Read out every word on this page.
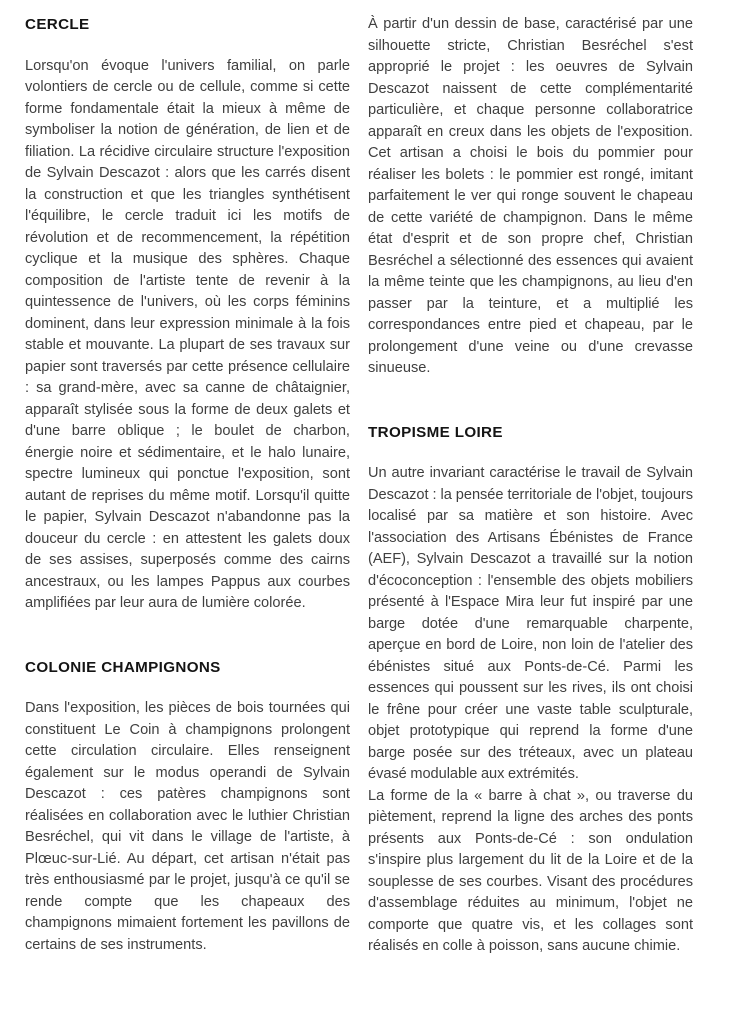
CERCLE

Lorsqu'on évoque l'univers familial, on parle volontiers de cercle ou de cellule, comme si cette forme fondamentale était la mieux à même de symboliser la notion de génération, de lien et de filiation. La récidive circulaire structure l'exposition de Sylvain Descazot : alors que les carrés disent la construction et que les triangles synthétisent l'équilibre, le cercle traduit ici les motifs de révolution et de recommencement, la répétition cyclique et la musique des sphères. Chaque composition de l'artiste tente de revenir à la quintessence de l'univers, où les corps féminins dominent, dans leur expression minimale à la fois stable et mouvante. La plupart de ses travaux sur papier sont traversés par cette présence cellulaire : sa grand-mère, avec sa canne de châtaignier, apparaît stylisée sous la forme de deux galets et d'une barre oblique ; le boulet de charbon, énergie noire et sédimentaire, et le halo lunaire, spectre lumineux qui ponctue l'exposition, sont autant de reprises du même motif. Lorsqu'il quitte le papier, Sylvain Descazot n'abandonne pas la douceur du cercle : en attestent les galets doux de ses assises, superposés comme des cairns ancestraux, ou les lampes Pappus aux courbes amplifiées par leur aura de lumière colorée.

COLONIE CHAMPIGNONS

Dans l'exposition, les pièces de bois tournées qui constituent Le Coin à champignons prolongent cette circulation circulaire. Elles renseignent également sur le modus operandi de Sylvain Descazot : ces patères champignons sont réalisées en collaboration avec le luthier Christian Besréchel, qui vit dans le village de l'artiste, à Plœuc-sur-Lié. Au départ, cet artisan n'était pas très enthousiasmé par le projet, jusqu'à ce qu'il se rende compte que les chapeaux des champignons mimaient fortement les pavillons de certains de ses instruments.

À partir d'un dessin de base, caractérisé par une silhouette stricte, Christian Besréchel s'est approprié le projet : les oeuvres de Sylvain Descazot naissent de cette complémentarité particulière, et chaque personne collaboratrice apparaît en creux dans les objets de l'exposition. Cet artisan a choisi le bois du pommier pour réaliser les bolets : le pommier est rongé, imitant parfaitement le ver qui ronge souvent le chapeau de cette variété de champignon. Dans le même état d'esprit et de son propre chef, Christian Besréchel a sélectionné des essences qui avaient la même teinte que les champignons, au lieu d'en passer par la teinture, et a multiplié les correspondances entre pied et chapeau, par le prolongement d'une veine ou d'une crevasse sinueuse.

TROPISME LOIRE

Un autre invariant caractérise le travail de Sylvain Descazot : la pensée territoriale de l'objet, toujours localisé par sa matière et son histoire. Avec l'association des Artisans Ébénistes de France (AEF), Sylvain Descazot a travaillé sur la notion d'écoconception : l'ensemble des objets mobiliers présenté à l'Espace Mira leur fut inspiré par une barge dotée d'une remarquable charpente, aperçue en bord de Loire, non loin de l'atelier des ébénistes situé aux Ponts-de-Cé. Parmi les essences qui poussent sur les rives, ils ont choisi le frêne pour créer une vaste table sculpturale, objet prototypique qui reprend la forme d'une barge posée sur des tréteaux, avec un plateau évasé modulable aux extrémités.

La forme de la « barre à chat », ou traverse du piètement, reprend la ligne des arches des ponts présents aux Ponts-de-Cé : son ondulation s'inspire plus largement du lit de la Loire et de la souplesse de ses courbes. Visant des procédures d'assemblage réduites au minimum, l'objet ne comporte que quatre vis, et les collages sont réalisés en colle à poisson, sans aucune chimie.
